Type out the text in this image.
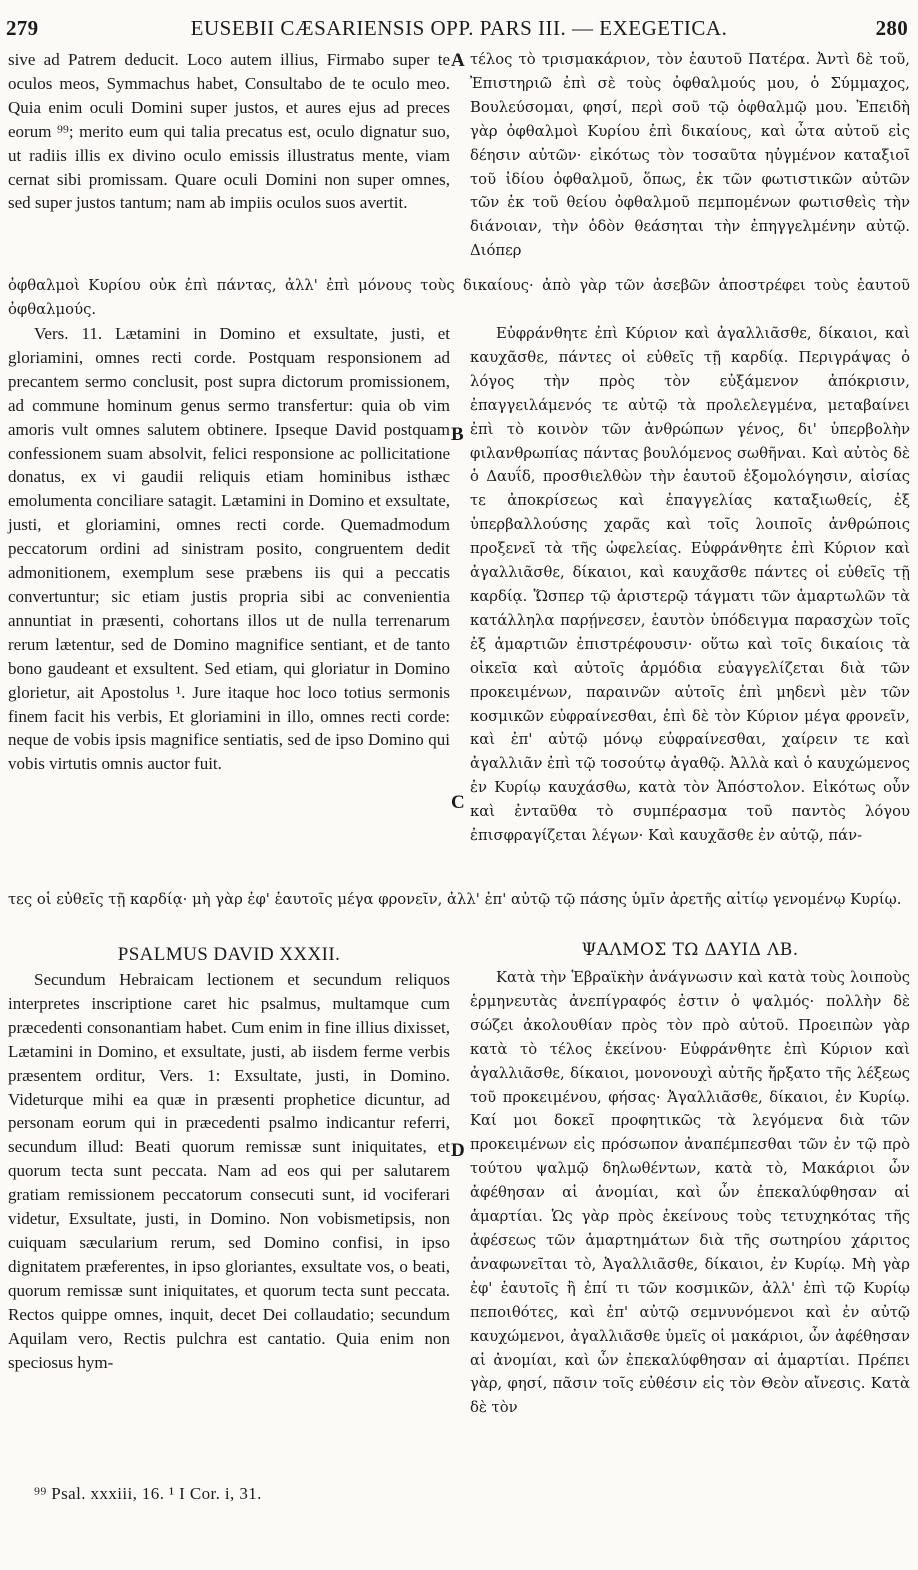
279	EUSEBII CÆSARIENSIS OPP. PARS III. — EXEGETICA.	280
A
B
C
D

sive ad Patrem deducit. Loco autem illius, Firmabo super te oculos meos, Symmachus habet, Consultabo de te oculo meo. Quia enim oculi Domini super justos, et aures ejus ad preces eorum ⁹⁹; merito eum qui talia precatus est, oculo dignatur suo, ut radiis illis ex divino oculo emissis illustratus mente, viam cernat sibi promissam. Quare oculi Domini non super omnes, sed super justos tantum; nam ab impiis oculos suos avertit.

τέλος τὸ τρισμακάριον, τὸν ἑαυτοῦ Πατέρα. Ἀντὶ δὲ τοῦ, Ἐπιστηριῶ ἐπὶ σὲ τοὺς ὀφθαλμούς μου, ὁ Σύμμαχος, Βουλεύσομαι, φησί, περὶ σοῦ τῷ ὀφθαλμῷ μου. Ἐπειδὴ γὰρ ὀφθαλμοὶ Κυρίου ἐπὶ δικαίους, καὶ ὦτα αὐτοῦ εἰς δέησιν αὐτῶν· εἰκότως τὸν τοσαῦτα ηὐγμένον καταξιοῖ τοῦ ἰδίου ὀφθαλμοῦ, ὅπως, ἐκ τῶν φωτιστικῶν αὐτῶν τῶν ἐκ τοῦ θείου ὀφθαλμοῦ πεμπομένων φωτισθεὶς τὴν διάνοιαν, τὴν ὁδὸν θεάσηται τὴν ἐπηγγελμένην αὐτῷ. Διόπερ

ὀφθαλμοὶ Κυρίου οὐκ ἐπὶ πάντας, ἀλλ' ἐπὶ μόνους τοὺς δικαίους· ἀπὸ γὰρ τῶν ἀσεβῶν ἀποστρέφει τοὺς ἑαυτοῦ ὀφθαλμούς.

Vers. 11. Lætamini in Domino et exsultate, justi, et gloriamini, omnes recti corde. Postquam responsionem ad precantem sermo conclusit, post supra dictorum promissionem, ad commune hominum genus sermo transfertur: quia ob vim amoris vult omnes salutem obtinere. Ipseque David postquam confessionem suam absolvit, felici responsione ac pollicitatione donatus, ex vi gaudii reliquis etiam hominibus isthæc emolumenta conciliare satagit. Lætamini in Domino et exsultate, justi, et gloriamini, omnes recti corde. Quemadmodum peccatorum ordini ad sinistram posito, congruentem dedit admonitionem, exemplum sese præbens iis qui a peccatis convertuntur; sic etiam justis propria sibi ac convenientia annuntiat in præsenti, cohortans illos ut de nulla terrenarum rerum lætentur, sed de Domino magnifice sentiant, et de tanto bono gaudeant et exsultent. Sed etiam, qui gloriatur in Domino glorietur, ait Apostolus ¹. Jure itaque hoc loco totius sermonis finem facit his verbis, Et gloriamini in illo, omnes recti corde: neque de vobis ipsis magnifice sentiatis, sed de ipso Domino qui vobis virtutis omnis auctor fuit.

Εὐφράνθητε ἐπὶ Κύριον καὶ ἀγαλλιᾶσθε, δίκαιοι, καὶ καυχᾶσθε, πάντες οἱ εὐθεῖς τῇ καρδίᾳ. Περιγράψας ὁ λόγος τὴν πρὸς τὸν εὐξάμενον ἀπόκρισιν, ἐπαγγειλάμενός τε αὐτῷ τὰ προλελεγμένα, μεταβαίνει ἐπὶ τὸ κοινὸν τῶν ἀνθρώπων γένος, δι' ὑπερβολὴν φιλανθρωπίας πάντας βουλόμενος σωθῆναι. Καὶ αὐτὸς δὲ ὁ Δαυΐδ, προσθιελθὼν τὴν ἑαυτοῦ ἐξομολόγησιν, αἰσίας τε ἀποκρίσεως καὶ ἐπαγγελίας καταξιωθείς, ἐξ ὑπερβαλλούσης χαρᾶς καὶ τοῖς λοιποῖς ἀνθρώποις προξενεῖ τὰ τῆς ὠφελείας. Εὐφράνθητε ἐπὶ Κύριον καὶ ἀγαλλιᾶσθε, δίκαιοι, καὶ καυχᾶσθε πάντες οἱ εὐθεῖς τῇ καρδίᾳ. Ὥσπερ τῷ ἀριστερῷ τάγματι τῶν ἁμαρτωλῶν τὰ κατάλληλα παρῄνεσεν, ἑαυτὸν ὑπόδειγμα παρασχὼν τοῖς ἐξ ἁμαρτιῶν ἐπιστρέφουσιν· οὕτω καὶ τοῖς δικαίοις τὰ οἰκεῖα καὶ αὐτοῖς ἁρμόδια εὐαγγελίζεται διὰ τῶν προκειμένων, παραινῶν αὐτοῖς ἐπὶ μηδενὶ μὲν τῶν κοσμικῶν εὐφραίνεσθαι, ἐπὶ δὲ τὸν Κύριον μέγα φρονεῖν, καὶ ἐπ' αὐτῷ μόνῳ εὐφραίνεσθαι, χαίρειν τε καὶ ἀγαλλιᾶν ἐπὶ τῷ τοσούτῳ ἀγαθῷ. Ἀλλὰ καὶ ὁ καυχώμενος ἐν Κυρίῳ καυχάσθω, κατὰ τὸν Ἀπόστολον. Εἰκότως οὖν καὶ ἐνταῦθα τὸ συμπέρασμα τοῦ παντὸς λόγου ἐπισφραγίζεται λέγων· Καὶ καυχᾶσθε ἐν αὐτῷ, πάν-

τες οἱ εὐθεῖς τῇ καρδίᾳ· μὴ γὰρ ἐφ' ἑαυτοῖς μέγα φρονεῖν, ἀλλ' ἐπ' αὐτῷ τῷ πάσης ὑμῖν ἀρετῆς αἰτίῳ γενομένῳ Κυρίῳ.
PSALMUS DAVID XXXII.	ΨΑΛΜΟΣ ΤΩ ΔΑΥΙΔ ΛΒ.

Secundum Hebraicam lectionem et secundum reliquos interpretes inscriptione caret hic psalmus, multamque cum præcedenti consonantiam habet. Cum enim in fine illius dixisset, Lætamini in Domino, et exsultate, justi, ab iisdem ferme verbis præsentem orditur, Vers. 1: Exsultate, justi, in Domino. Videturque mihi ea quæ in præsenti prophetice dicuntur, ad personam eorum qui in præcedenti psalmo indicantur referri, secundum illud: Beati quorum remissæ sunt iniquitates, et quorum tecta sunt peccata. Nam ad eos qui per salutarem gratiam remissionem peccatorum consecuti sunt, id vociferari videtur, Exsultate, justi, in Domino. Non vobismetipsis, non cuiquam sæcularium rerum, sed Domino confisi, in ipso dignitatem præferentes, in ipso gloriantes, exsultate vos, o beati, quorum remissæ sunt iniquitates, et quorum tecta sunt peccata. Rectos quippe omnes, inquit, decet Dei collaudatio; secundum Aquilam vero, Rectis pulchra est cantatio. Quia enim non speciosus hym-

Κατὰ τὴν Ἑβραϊκὴν ἀνάγνωσιν καὶ κατὰ τοὺς λοιποὺς ἑρμηνευτὰς ἀνεπίγραφός ἐστιν ὁ ψαλμός· πολλὴν δὲ σώζει ἀκολουθίαν πρὸς τὸν πρὸ αὐτοῦ. Προειπὼν γὰρ κατὰ τὸ τέλος ἐκείνου· Εὐφράνθητε ἐπὶ Κύριον καὶ ἀγαλλιᾶσθε, δίκαιοι, μονονουχὶ αὐτῆς ἤρξατο τῆς λέξεως τοῦ προκειμένου, φήσας· Ἀγαλλιᾶσθε, δίκαιοι, ἐν Κυρίῳ. Καί μοι δοκεῖ προφητικῶς τὰ λεγόμενα διὰ τῶν προκειμένων εἰς πρόσωπον ἀναπέμπεσθαι τῶν ἐν τῷ πρὸ τούτου ψαλμῷ δηλωθέντων, κατὰ τὸ, Μακάριοι ὧν ἀφέθησαν αἱ ἀνομίαι, καὶ ὧν ἐπεκαλύφθησαν αἱ ἁμαρτίαι. Ὡς γὰρ πρὸς ἐκείνους τοὺς τετυχηκότας τῆς ἀφέσεως τῶν ἁμαρτημάτων διὰ τῆς σωτηρίου χάριτος ἀναφωνεῖται τὸ, Ἀγαλλιᾶσθε, δίκαιοι, ἐν Κυρίῳ. Μὴ γὰρ ἐφ' ἑαυτοῖς ἢ ἐπί τι τῶν κοσμικῶν, ἀλλ' ἐπὶ τῷ Κυρίῳ πεποιθότες, καὶ ἐπ' αὐτῷ σεμνυνόμενοι καὶ ἐν αὐτῷ καυχώμενοι, ἀγαλλιᾶσθε ὑμεῖς οἱ μακάριοι, ὧν ἀφέθησαν αἱ ἀνομίαι, καὶ ὧν ἐπεκαλύφθησαν αἱ ἁμαρτίαι. Πρέπει γὰρ, φησί, πᾶσιν τοῖς εὐθέσιν εἰς τὸν Θεὸν αἴνεσις. Κατὰ δὲ τὸν

⁹⁹ Psal. xxxiii, 16. ¹ I Cor. i, 31.
